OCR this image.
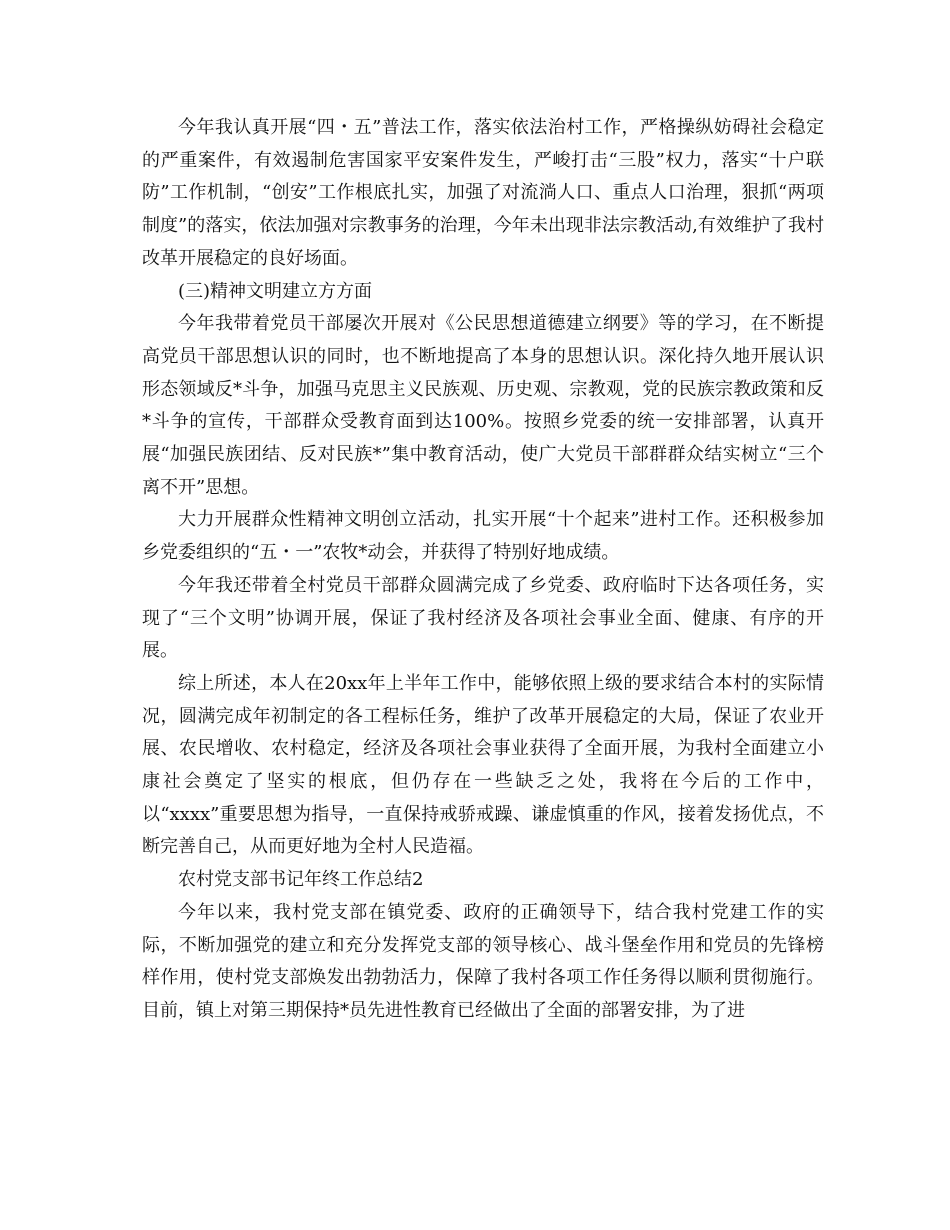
今年我认真开展“四・五”普法工作，落实依法治村工作，严格操纵妨碍社会稳定的严重案件，有效遏制危害国家平安案件发生，严峻打击“三股”权力，落实“十户联防”工作机制，“创安”工作根底扎实，加强了对流淌人口、重点人口治理，狠抓“两项制度”的落实，依法加强对宗教事务的治理，今年未出现非法宗教活动,有效维护了我村改革开展稳定的良好场面。

(三)精神文明建立方方面

今年我带着党员干部屡次开展对《公民思想道德建立纲要》等的学习，在不断提高党员干部思想认识的同时，也不断地提高了本身的思想认识。深化持久地开展认识形态领域反*斗争，加强马克思主义民族观、历史观、宗教观，党的民族宗教政策和反*斗争的宣传，干部群众受教育面到达100%。按照乡党委的统一安排部署，认真开展“加强民族团结、反对民族*”集中教育活动，使广大党员干部群群众结实树立“三个离不开”思想。

大力开展群众性精神文明创立活动，扎实开展“十个起来”进村工作。还积极参加乡党委组织的“五・一”农牧*动会，并获得了特别好地成绩。

今年我还带着全村党员干部群众圆满完成了乡党委、政府临时下达各项任务，实现了“三个文明”协调开展，保证了我村经济及各项社会事业全面、健康、有序的开展。

综上所述，本人在20xx年上半年工作中，能够依照上级的要求结合本村的实际情况，圆满完成年初制定的各工程标任务，维护了改革开展稳定的大局，保证了农业开展、农民增收、农村稳定，经济及各项社会事业获得了全面开展，为我村全面建立小康社会奠定了坚实的根底，但仍存在一些缺乏之处，我将在今后的工作中，以“xxxx”重要思想为指导，一直保持戒骄戒躁、谦虚慎重的作风，接着发扬优点，不断完善自己，从而更好地为全村人民造福。

农村党支部书记年终工作总结2

今年以来，我村党支部在镇党委、政府的正确领导下，结合我村党建工作的实际，不断加强党的建立和充分发挥党支部的领导核心、战斗堡垒作用和党员的先锋榜样作用，使村党支部焕发出勃勃活力，保障了我村各项工作任务得以顺利贯彻施行。目前，镇上对第三期保持*员先进性教育已经做出了全面的部署安排，为了进
